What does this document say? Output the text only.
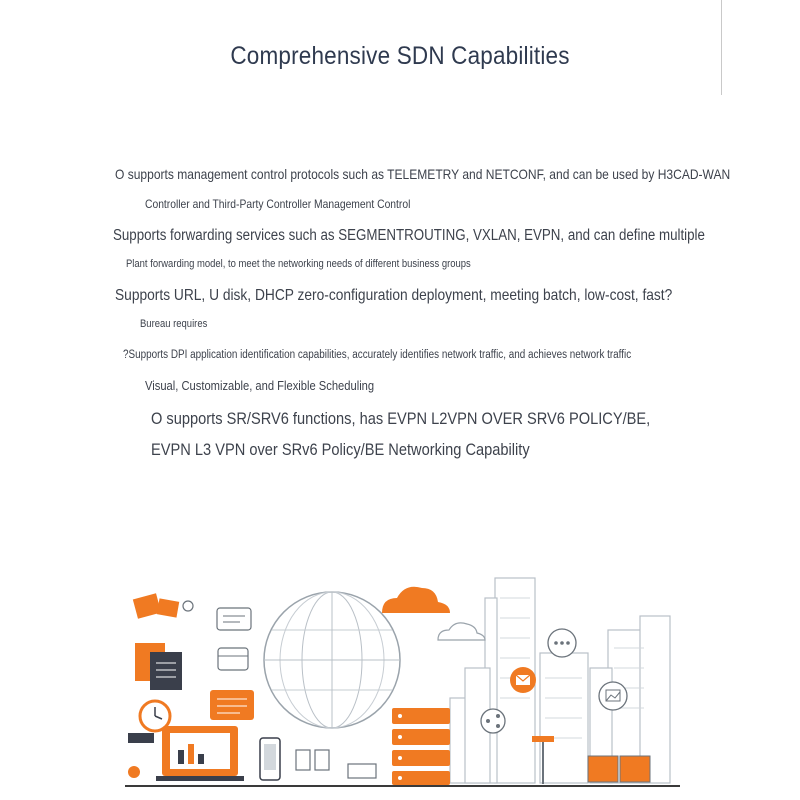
Comprehensive SDN Capabilities
O supports management control protocols such as TELEMETRY and NETCONF, and can be used by H3CAD-WAN
Controller and Third-Party Controller Management Control
Supports forwarding services such as SEGMENTROUTING, VXLAN, EVPN, and can define multiple
Plant forwarding model, to meet the networking needs of different business groups
Supports URL, U disk, DHCP zero-configuration deployment, meeting batch, low-cost, fast?
Bureau requires
?Supports DPI application identification capabilities, accurately identifies network traffic, and achieves network traffic
Visual, Customizable, and Flexible Scheduling
O supports SR/SRV6 functions, has EVPN L2VPN OVER SRV6 POLICY/BE,
EVPN L3 VPN over SRv6 Policy/BE Networking Capability
